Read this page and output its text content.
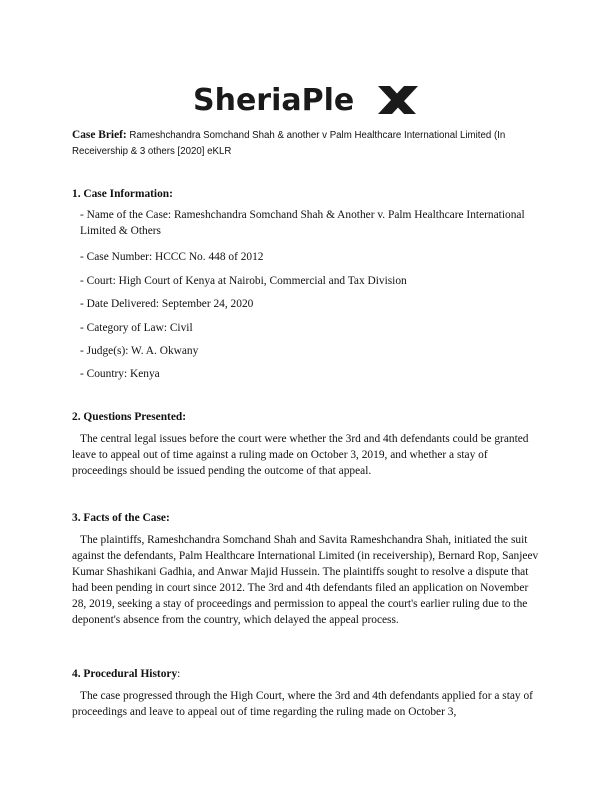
SheriaPle
Case Brief: Rameshchandra Somchand Shah & another v Palm Healthcare International Limited (In Receivership & 3 others [2020] eKLR
1. Case Information:
- Name of the Case: Rameshchandra Somchand Shah & Another v. Palm Healthcare International Limited & Others
- Case Number: HCCC No. 448 of 2012
- Court: High Court of Kenya at Nairobi, Commercial and Tax Division
- Date Delivered: September 24, 2020
- Category of Law: Civil
- Judge(s): W. A. Okwany
- Country: Kenya
2. Questions Presented:

The central legal issues before the court were whether the 3rd and 4th defendants could be granted leave to appeal out of time against a ruling made on October 3, 2019, and whether a stay of proceedings should be issued pending the outcome of that appeal.

3. Facts of the Case:

The plaintiffs, Rameshchandra Somchand Shah and Savita Rameshchandra Shah, initiated the suit against the defendants, Palm Healthcare International Limited (in receivership), Bernard Rop, Sanjeev Kumar Shashikani Gadhia, and Anwar Majid Hussein. The plaintiffs sought to resolve a dispute that had been pending in court since 2012. The 3rd and 4th defendants filed an application on November 28, 2019, seeking a stay of proceedings and permission to appeal the court's earlier ruling due to the deponent's absence from the country, which delayed the appeal process.

4. Procedural History:

The case progressed through the High Court, where the 3rd and 4th defendants applied for a stay of proceedings and leave to appeal out of time regarding the ruling made on October 3,
